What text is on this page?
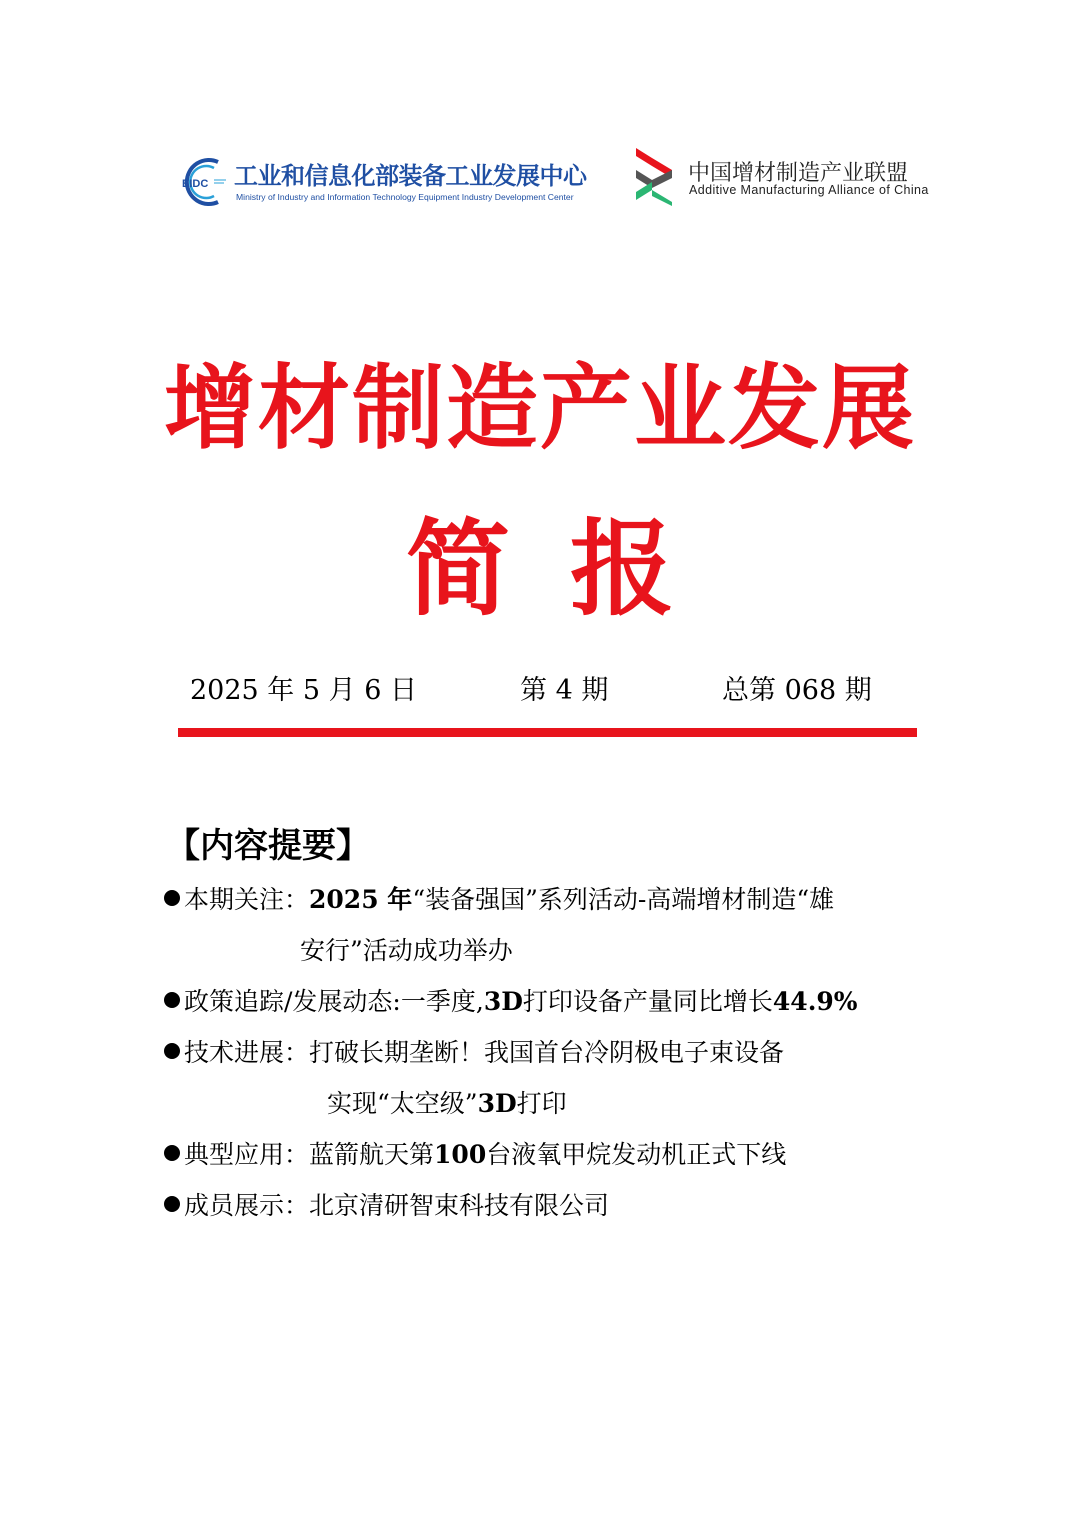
EIDC 工业和信息化部装备工业发展中心
Ministry of Industry and Information Technology Equipment Industry Development Center
中国增材制造产业联盟
Additive Manufacturing Alliance of China
增材制造产业发展
简 报
2025 年 5 月 6 日	第 4 期	总第 068 期
【内容提要】
本期关注：2025 年“装备强国”系列活动-高端增材制造“雄
安行”活动成功举办
政策追踪/发展动态:一季度,3D打印设备产量同比增长44.9%
技术进展：打破长期垄断！我国首台冷阴极电子束设备
实现“太空级”3D打印
典型应用：蓝箭航天第100台液氧甲烷发动机正式下线
成员展示：北京清研智束科技有限公司
